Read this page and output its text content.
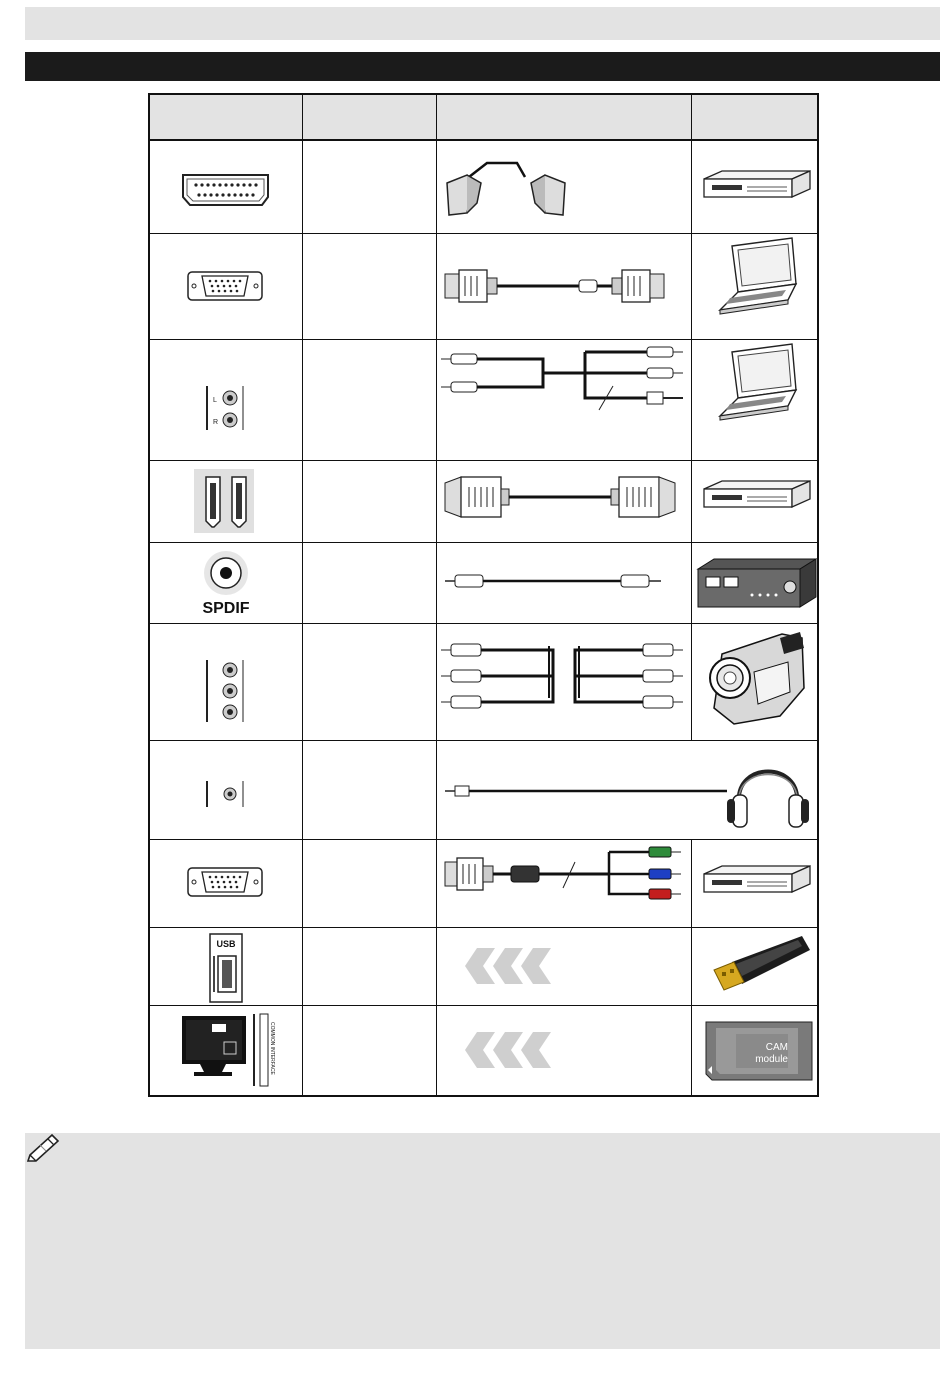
L
R
SPDIF
USB
COMMON INTERFACE	CAM
module
